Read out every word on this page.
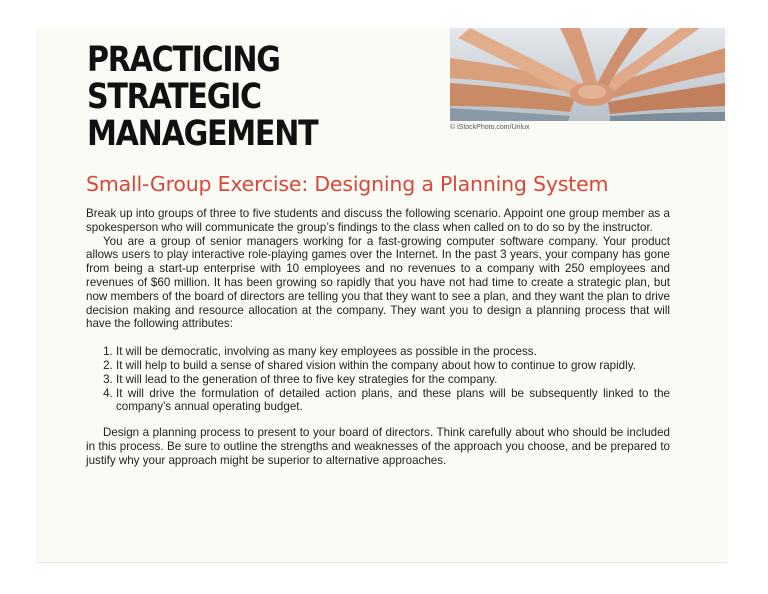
PRACTICING STRATEGIC MANAGEMENT	© iStockPhoto.com/Urilux
Small-Group Exercise: Designing a Planning System

Break up into groups of three to five students and discuss the following scenario. Appoint one group member as a spokesperson who will communicate the group’s findings to the class when called on to do so by the instructor.

You are a group of senior managers working for a fast-growing computer software company. Your product allows users to play interactive role-playing games over the Internet. In the past 3 years, your company has gone from being a start-up enterprise with 10 employees and no revenues to a company with 250 employees and revenues of $60 million. It has been growing so rapidly that you have not had time to create a strategic plan, but now members of the board of directors are telling you that they want to see a plan, and they want the plan to drive decision making and resource allocation at the company. They want you to design a planning process that will have the following attributes:

1. It will be democratic, involving as many key employees as possible in the process.
2. It will help to build a sense of shared vision within the company about how to continue to grow rapidly.
3. It will lead to the generation of three to five key strategies for the company.
4. It will drive the formulation of detailed action plans, and these plans will be subsequently linked to the company’s annual operating budget.

Design a planning process to present to your board of directors. Think carefully about who should be included in this process. Be sure to outline the strengths and weaknesses of the approach you choose, and be prepared to justify why your approach might be superior to alternative approaches.
